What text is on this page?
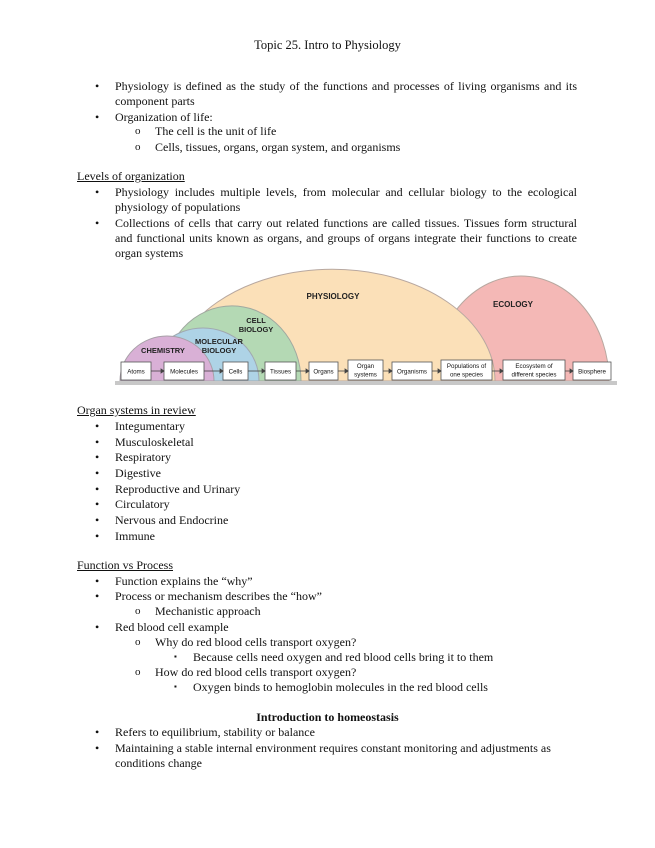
Topic 25. Intro to Physiology
• Physiology is defined as the study of the functions and processes of living organisms and its component parts
• Organization of life:
o The cell is the unit of life
o Cells, tissues, organs, organ system, and organisms
Levels of organization
• Physiology includes multiple levels, from molecular and cellular biology to the ecological physiology of populations
• Collections of cells that carry out related functions are called tissues. Tissues form structural and functional units known as organs, and groups of organs integrate their functions to create organ systems
PHYSIOLOGY
ECOLOGY
CELL
BIOLOGY
MOLECULAR
BIOLOGY
CHEMISTRY
Atoms	Molecules	Cells	Tissues	Organs
Organ
systems	Organisms
Populations of
one species
Ecosystem of
different species	Biosphere
Organ systems in review
• Integumentary
• Musculoskeletal
• Respiratory
• Digestive
• Reproductive and Urinary
• Circulatory
• Nervous and Endocrine
• Immune
Function vs Process
• Function explains the “why”
• Process or mechanism describes the “how”
o Mechanistic approach
• Red blood cell example
o Why do red blood cells transport oxygen?
▪ Because cells need oxygen and red blood cells bring it to them
o How do red blood cells transport oxygen?
▪ Oxygen binds to hemoglobin molecules in the red blood cells
Introduction to homeostasis
• Refers to equilibrium, stability or balance
• Maintaining a stable internal environment requires constant monitoring and adjustments as conditions change
